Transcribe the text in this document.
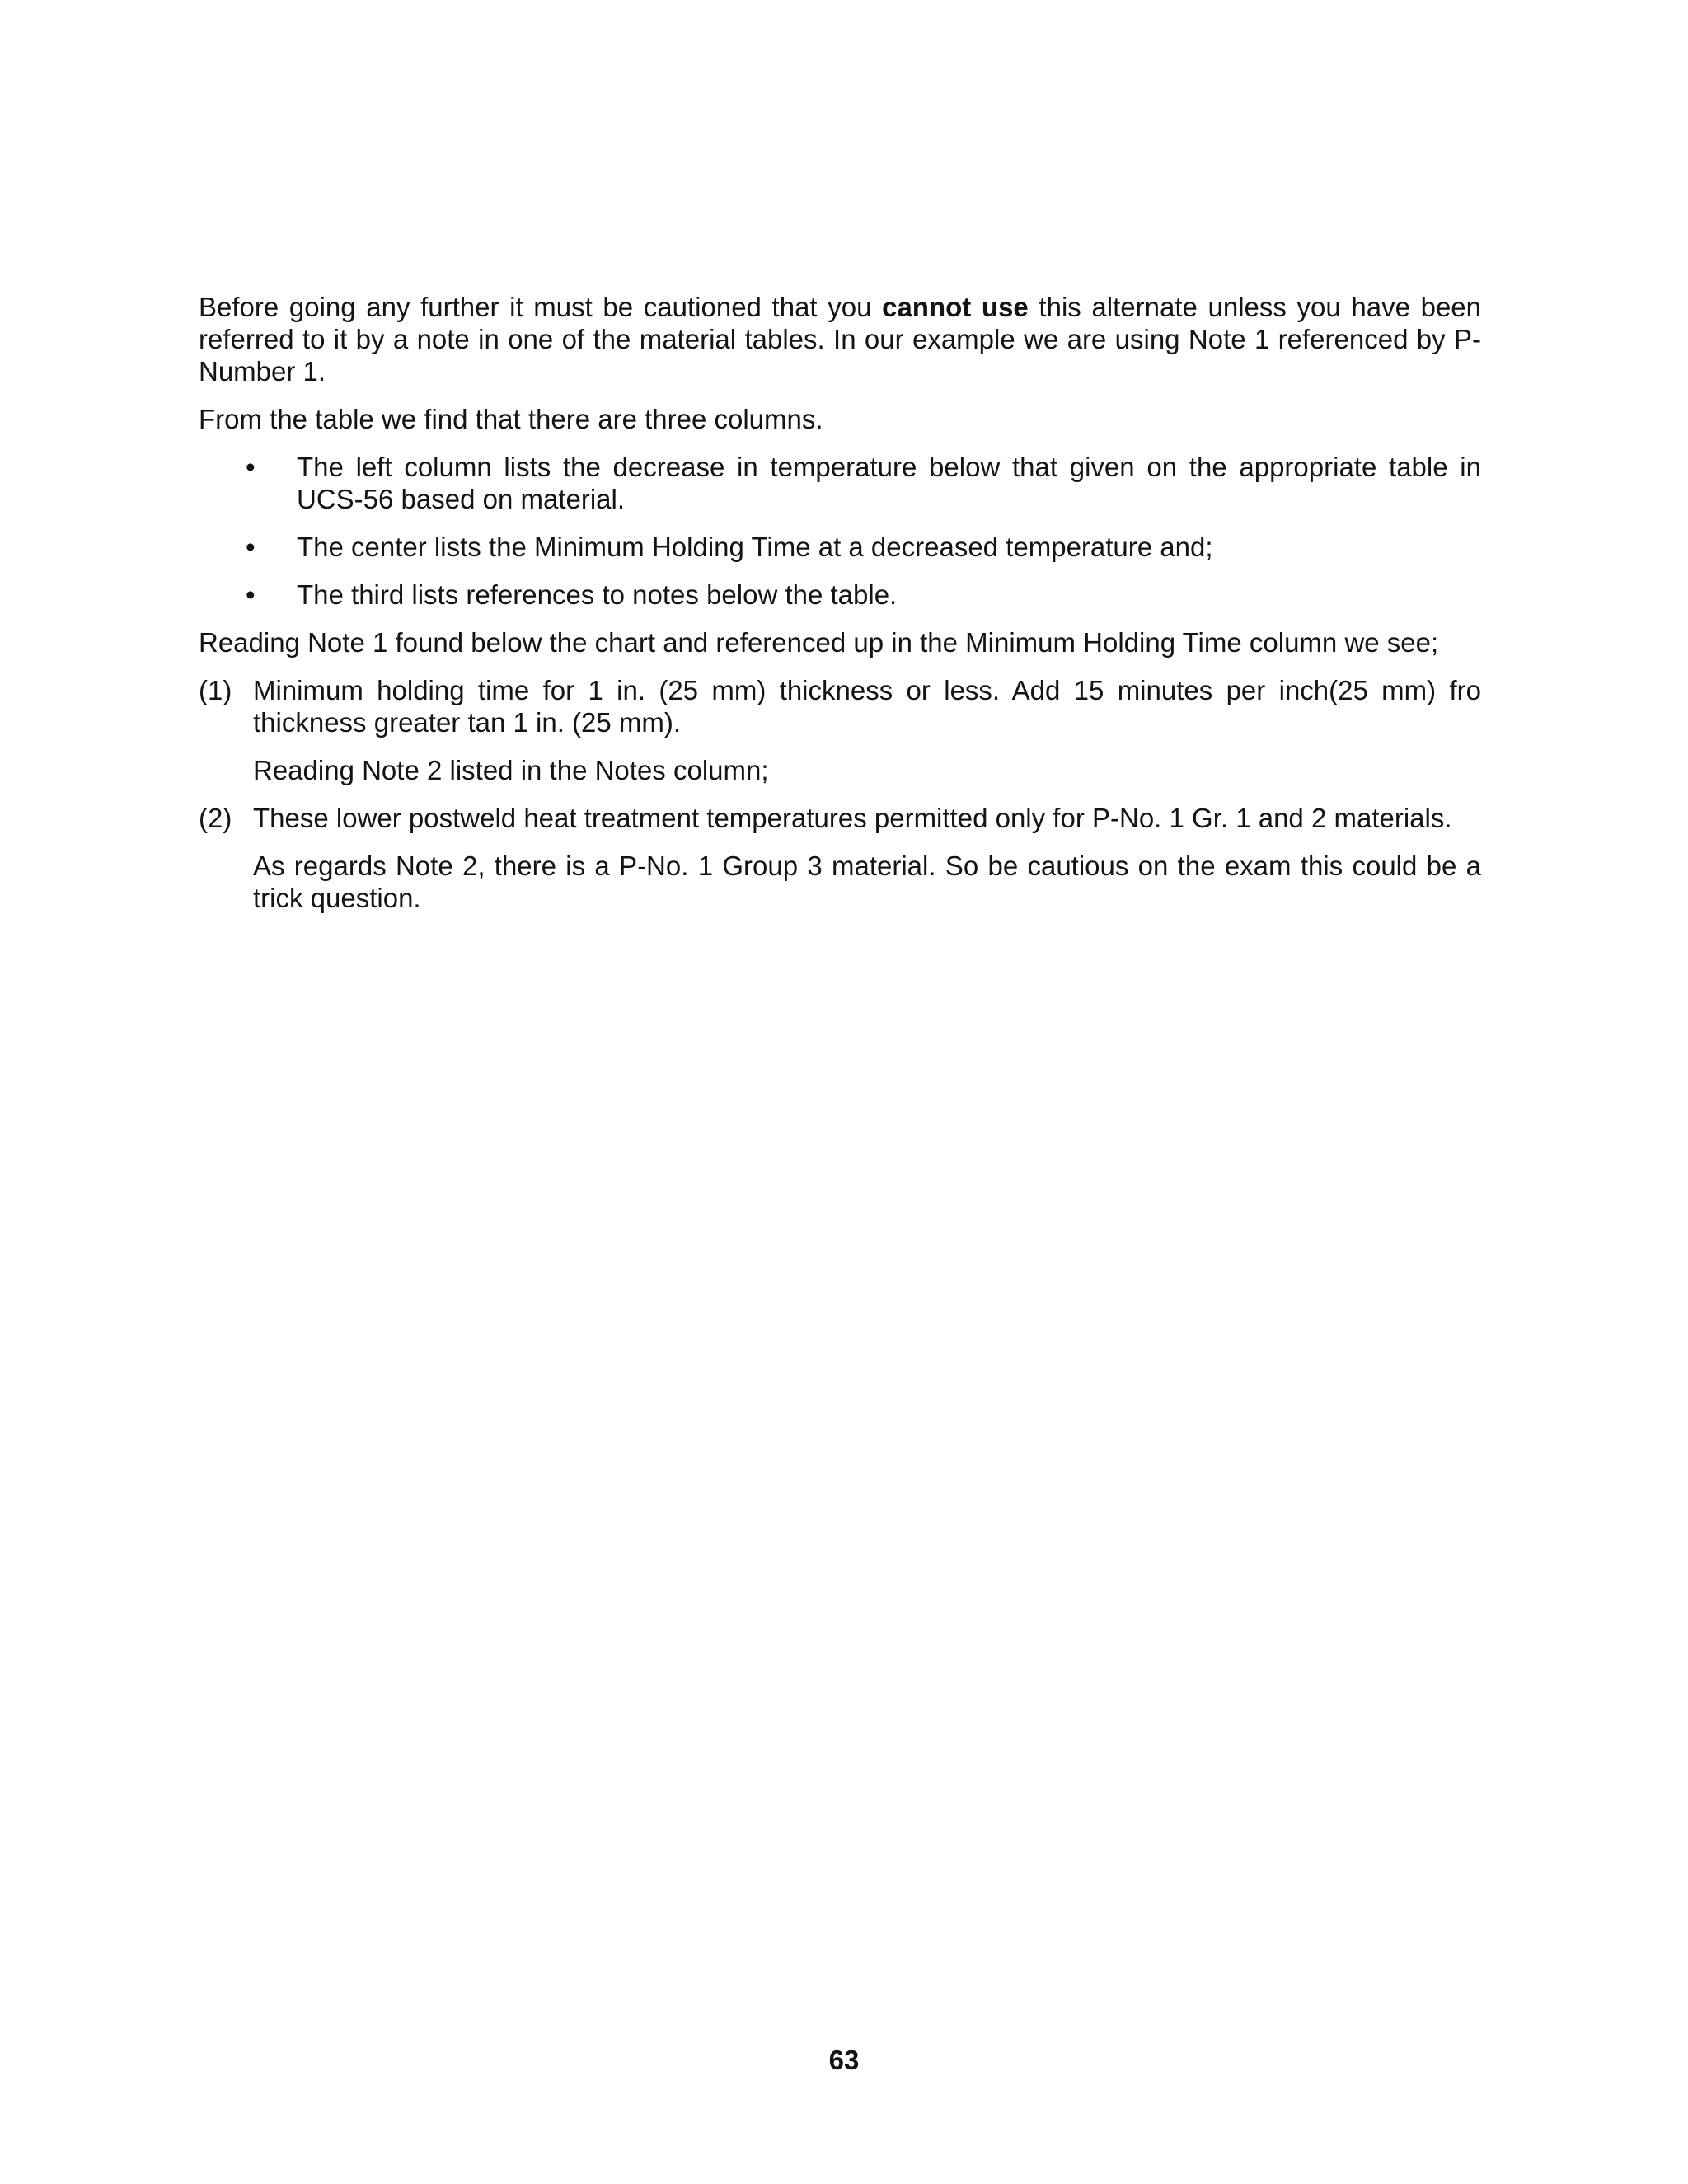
Before going any further it must be cautioned that you cannot use this alternate unless you have been referred to it by a note in one of the material tables. In our example we are using Note 1 referenced by P-Number 1.

From the table we find that there are three columns.

• The left column lists the decrease in temperature below that given on the appropriate table in UCS-56 based on material.
• The center lists the Minimum Holding Time at a decreased temperature and;
• The third lists references to notes below the table.

Reading Note 1 found below the chart and referenced up in the Minimum Holding Time column we see;

(1) Minimum holding time for 1 in. (25 mm) thickness or less. Add 15 minutes per inch(25 mm) fro thickness greater tan 1 in. (25 mm).

Reading Note 2 listed in the Notes column;

(2) These lower postweld heat treatment temperatures permitted only for P-No. 1 Gr. 1 and 2 materials.

As regards Note 2, there is a P-No. 1 Group 3 material. So be cautious on the exam this could be a trick question.

63
